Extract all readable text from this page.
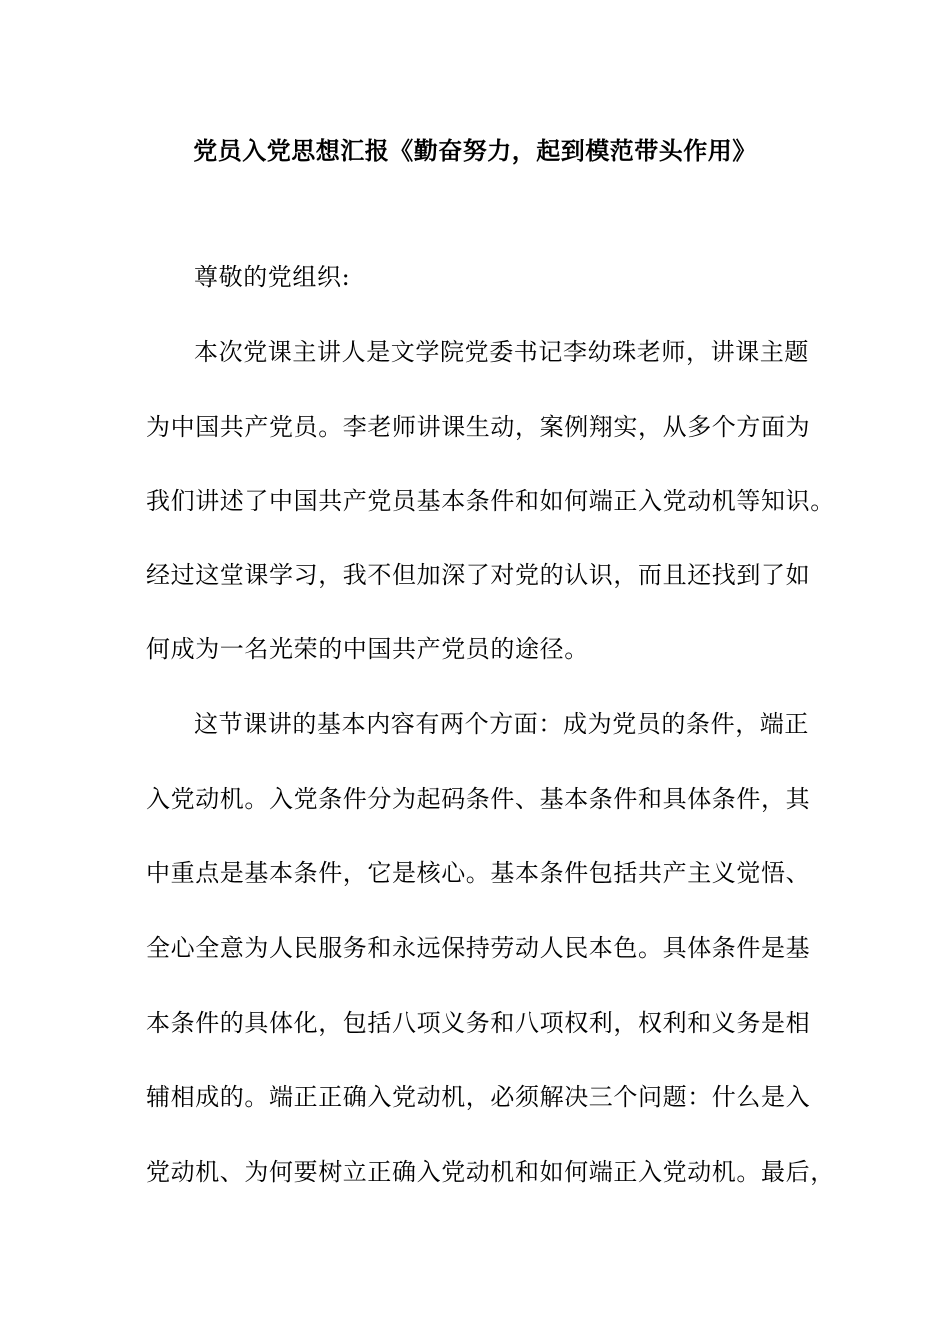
党员入党思想汇报《勤奋努力，起到模范带头作用》
尊敬的党组织:
本次党课主讲人是文学院党委书记李幼珠老师，讲课主题
为中国共产党员。李老师讲课生动，案例翔实，从多个方面为
我们讲述了中国共产党员基本条件和如何端正入党动机等知识。
经过这堂课学习，我不但加深了对党的认识，而且还找到了如
何成为一名光荣的中国共产党员的途径。
这节课讲的基本内容有两个方面：成为党员的条件，端正
入党动机。入党条件分为起码条件、基本条件和具体条件，其
中重点是基本条件，它是核心。基本条件包括共产主义觉悟、
全心全意为人民服务和永远保持劳动人民本色。具体条件是基
本条件的具体化，包括八项义务和八项权利，权利和义务是相
辅相成的。端正正确入党动机，必须解决三个问题：什么是入
党动机、为何要树立正确入党动机和如何端正入党动机。最后，
